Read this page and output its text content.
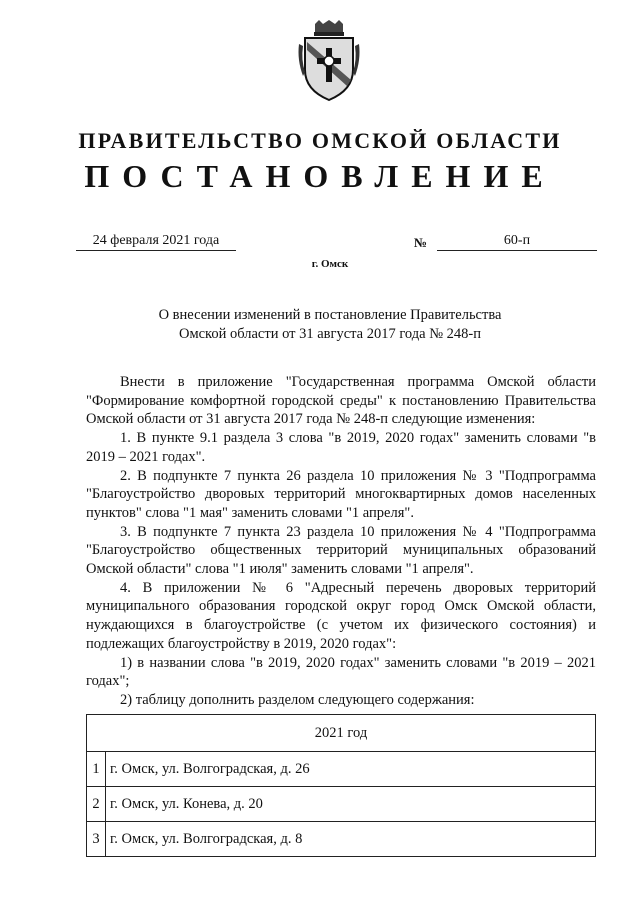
ПРАВИТЕЛЬСТВО ОМСКОЙ ОБЛАСТИ
ПОСТАНОВЛЕНИЕ
24 февраля 2021 года	№	60-п
г. Омск
О внесении изменений в постановление Правительства
Омской области от 31 августа 2017 года № 248-п

Внести в приложение "Государственная программа Омской области "Формирование комфортной городской среды" к постановлению Правительства Омской области от 31 августа 2017 года № 248-п следующие изменения:

1. В пункте 9.1 раздела 3 слова "в 2019, 2020 годах" заменить словами "в 2019 – 2021 годах".

2. В подпункте 7 пункта 26 раздела 10 приложения № 3 "Подпрограмма "Благоустройство дворовых территорий многоквартирных домов населенных пунктов" слова "1 мая" заменить словами "1 апреля".

3. В подпункте 7 пункта 23 раздела 10 приложения № 4 "Подпрограмма "Благоустройство общественных территорий муниципальных образований Омской области" слова "1 июля" заменить словами "1 апреля".

4. В приложении № 6 "Адресный перечень дворовых территорий муниципального образования городской округ город Омск Омской области, нуждающихся в благоустройстве (с учетом их физического состояния) и подлежащих благоустройству в 2019, 2020 годах":

1) в названии слова "в 2019, 2020 годах" заменить словами "в 2019 – 2021 годах";

2) таблицу дополнить разделом следующего содержания:

2021 год	
1	г. Омск, ул. Волгоградская, д. 26
2	г. Омск, ул. Конева, д. 20
3	г. Омск, ул. Волгоградская, д. 8
